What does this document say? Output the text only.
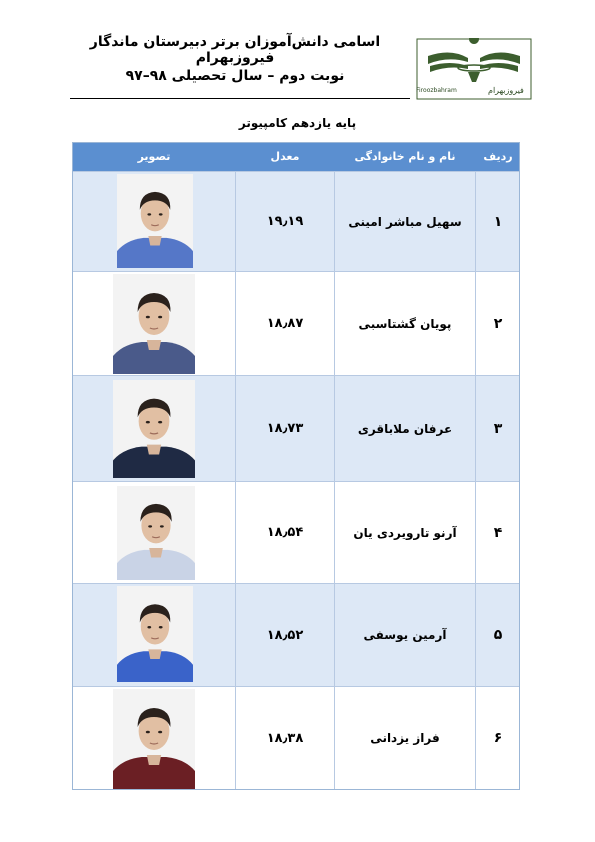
اسامی دانش‌آموزان برتر دبیرستان ماندگار فیروزبهرام
نوبت دوم – سال تحصیلی ۹۸–۹۷
فیروزبهرام
Firoozbahram
پایه یازدهم کامپیوتر
ردیف
نام و نام خانوادگی
معدل
تصویر
۱
سهیل مباشر امینی
۱۹٫۱۹
۲
پویان گشتاسبی
۱۸٫۸۷
۳
عرفان ملاباقری
۱۸٫۷۳
۴
آرنو تارویردی یان
۱۸٫۵۴
۵
آرمین یوسفی
۱۸٫۵۲
۶
فراز یزدانی
۱۸٫۳۸
